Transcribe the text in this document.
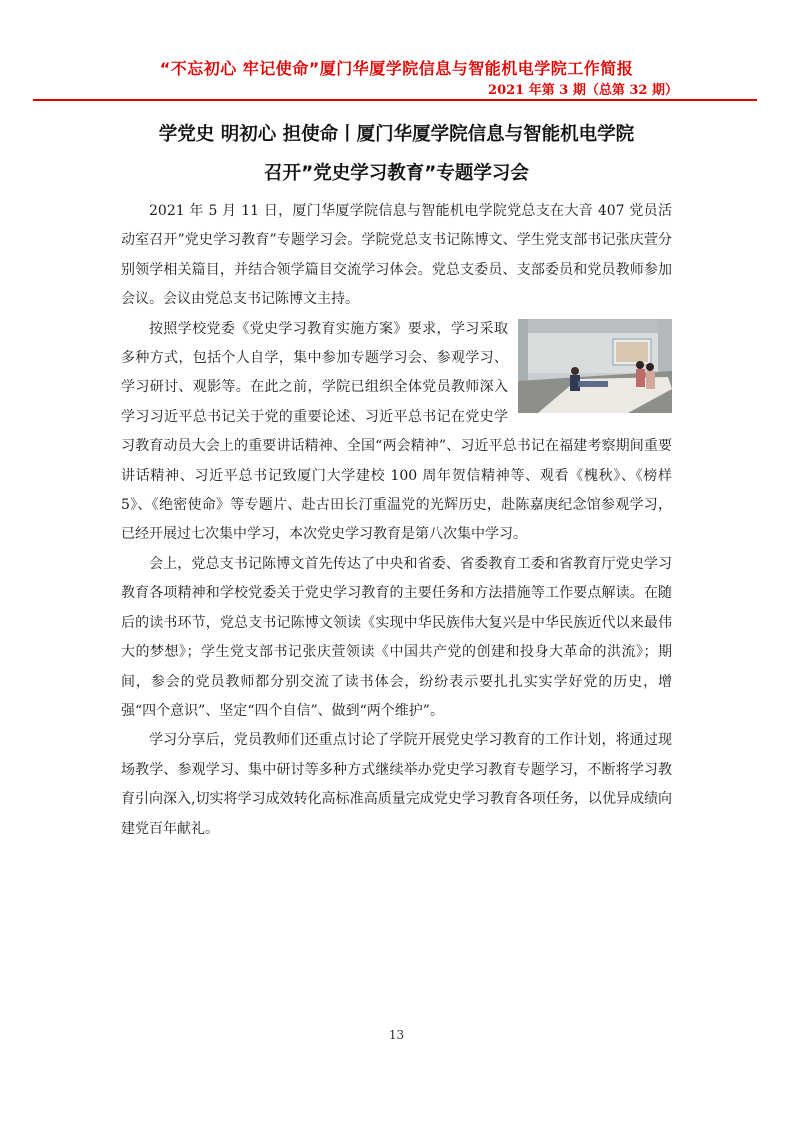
“不忘初心 牢记使命”厦门华厦学院信息与智能机电学院工作简报
2021 年第 3 期（总第 32 期）
学党史 明初心 担使命丨厦门华厦学院信息与智能机电学院
召开”党史学习教育”专题学习会

2021 年 5 月 11 日，厦门华厦学院信息与智能机电学院党总支在大音 407 党员活动室召开”党史学习教育”专题学习会。学院党总支书记陈博文、学生党支部书记张庆萱分别领学相关篇目，并结合领学篇目交流学习体会。党总支委员、支部委员和党员教师参加会议。会议由党总支书记陈博文主持。

按照学校党委《党史学习教育实施方案》要求，学习采取多种方式，包括个人自学，集中参加专题学习会、参观学习、学习研讨、观影等。在此之前，学院已组织全体党员教师深入学习习近平总书记关于党的重要论述、习近平总书记在党史学习教育动员大会上的重要讲话精神、全国“两会精神”、习近平总书记在福建考察期间重要讲话精神、习近平总书记致厦门大学建校 100 周年贺信精神等、观看《槐秋》、《榜样 5》、《绝密使命》等专题片、赴古田长汀重温党的光辉历史，赴陈嘉庚纪念馆参观学习，已经开展过七次集中学习，本次党史学习教育是第八次集中学习。

会上，党总支书记陈博文首先传达了中央和省委、省委教育工委和省教育厅党史学习教育各项精神和学校党委关于党史学习教育的主要任务和方法措施等工作要点解读。在随后的读书环节，党总支书记陈博文领读《实现中华民族伟大复兴是中华民族近代以来最伟大的梦想》；学生党支部书记张庆萱领读《中国共产党的创建和投身大革命的洪流》；期间，参会的党员教师都分别交流了读书体会，纷纷表示要扎扎实实学好党的历史，增强“四个意识”、坚定“四个自信”、做到“两个维护”。

学习分享后，党员教师们还重点讨论了学院开展党史学习教育的工作计划，将通过现场教学、参观学习、集中研讨等多种方式继续举办党史学习教育专题学习，不断将学习教育引向深入,切实将学习成效转化高标准高质量完成党史学习教育各项任务，以优异成绩向建党百年献礼。

13
